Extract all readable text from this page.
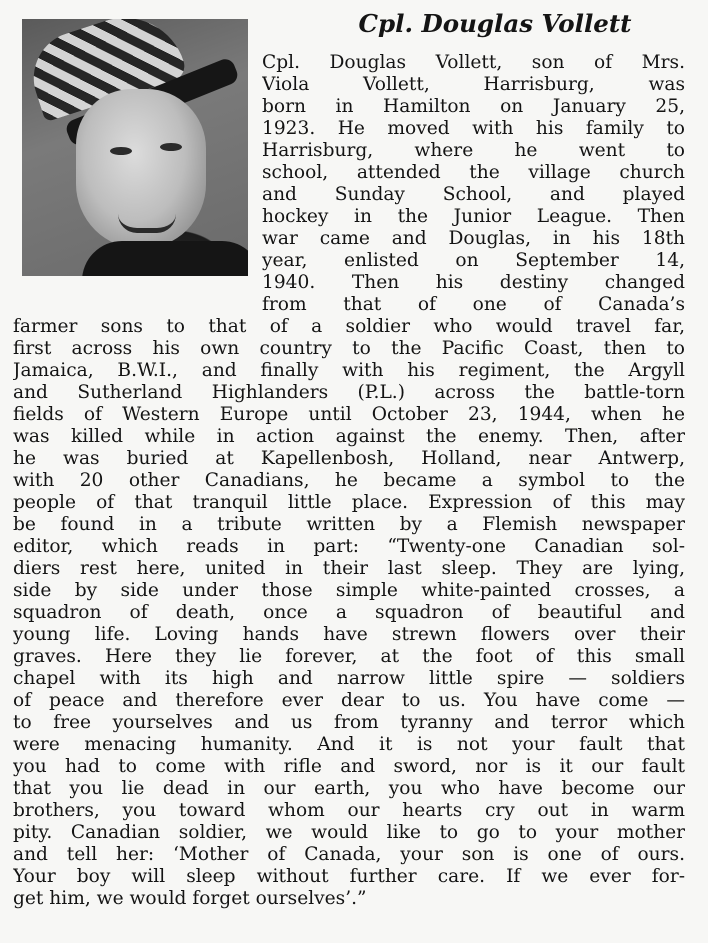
Cpl. Douglas Vollett

Cpl. Douglas Vollett, son of Mrs.

Viola Vollett, Harrisburg, was

born in Hamilton on January 25,

1923. He moved with his family to

Harrisburg, where he went to

school, attended the village church

and Sunday School, and played

hockey in the Junior League. Then

war came and Douglas, in his 18th

year, enlisted on September 14,

1940. Then his destiny changed

from that of one of Canada’s

farmer sons to that of a soldier who would travel far,

first across his own country to the Pacific Coast, then to

Jamaica, B.W.I., and finally with his regiment, the Argyll

and Sutherland Highlanders (P.L.) across the battle-torn

fields of Western Europe until October 23, 1944, when he

was killed while in action against the enemy. Then, after

he was buried at Kapellenbosh, Holland, near Antwerp,

with 20 other Canadians, he became a symbol to the

people of that tranquil little place. Expression of this may

be found in a tribute written by a Flemish newspaper

editor, which reads in part: “Twenty-one Canadian sol-

diers rest here, united in their last sleep. They are lying,

side by side under those simple white-painted crosses, a

squadron of death, once a squadron of beautiful and

young life. Loving hands have strewn flowers over their

graves. Here they lie forever, at the foot of this small

chapel with its high and narrow little spire — soldiers

of peace and therefore ever dear to us. You have come —

to free yourselves and us from tyranny and terror which

were menacing humanity. And it is not your fault that

you had to come with rifle and sword, nor is it our fault

that you lie dead in our earth, you who have become our

brothers, you toward whom our hearts cry out in warm

pity. Canadian soldier, we would like to go to your mother

and tell her: ‘Mother of Canada, your son is one of ours.

Your boy will sleep without further care. If we ever for-

get him, we would forget ourselves’.”
